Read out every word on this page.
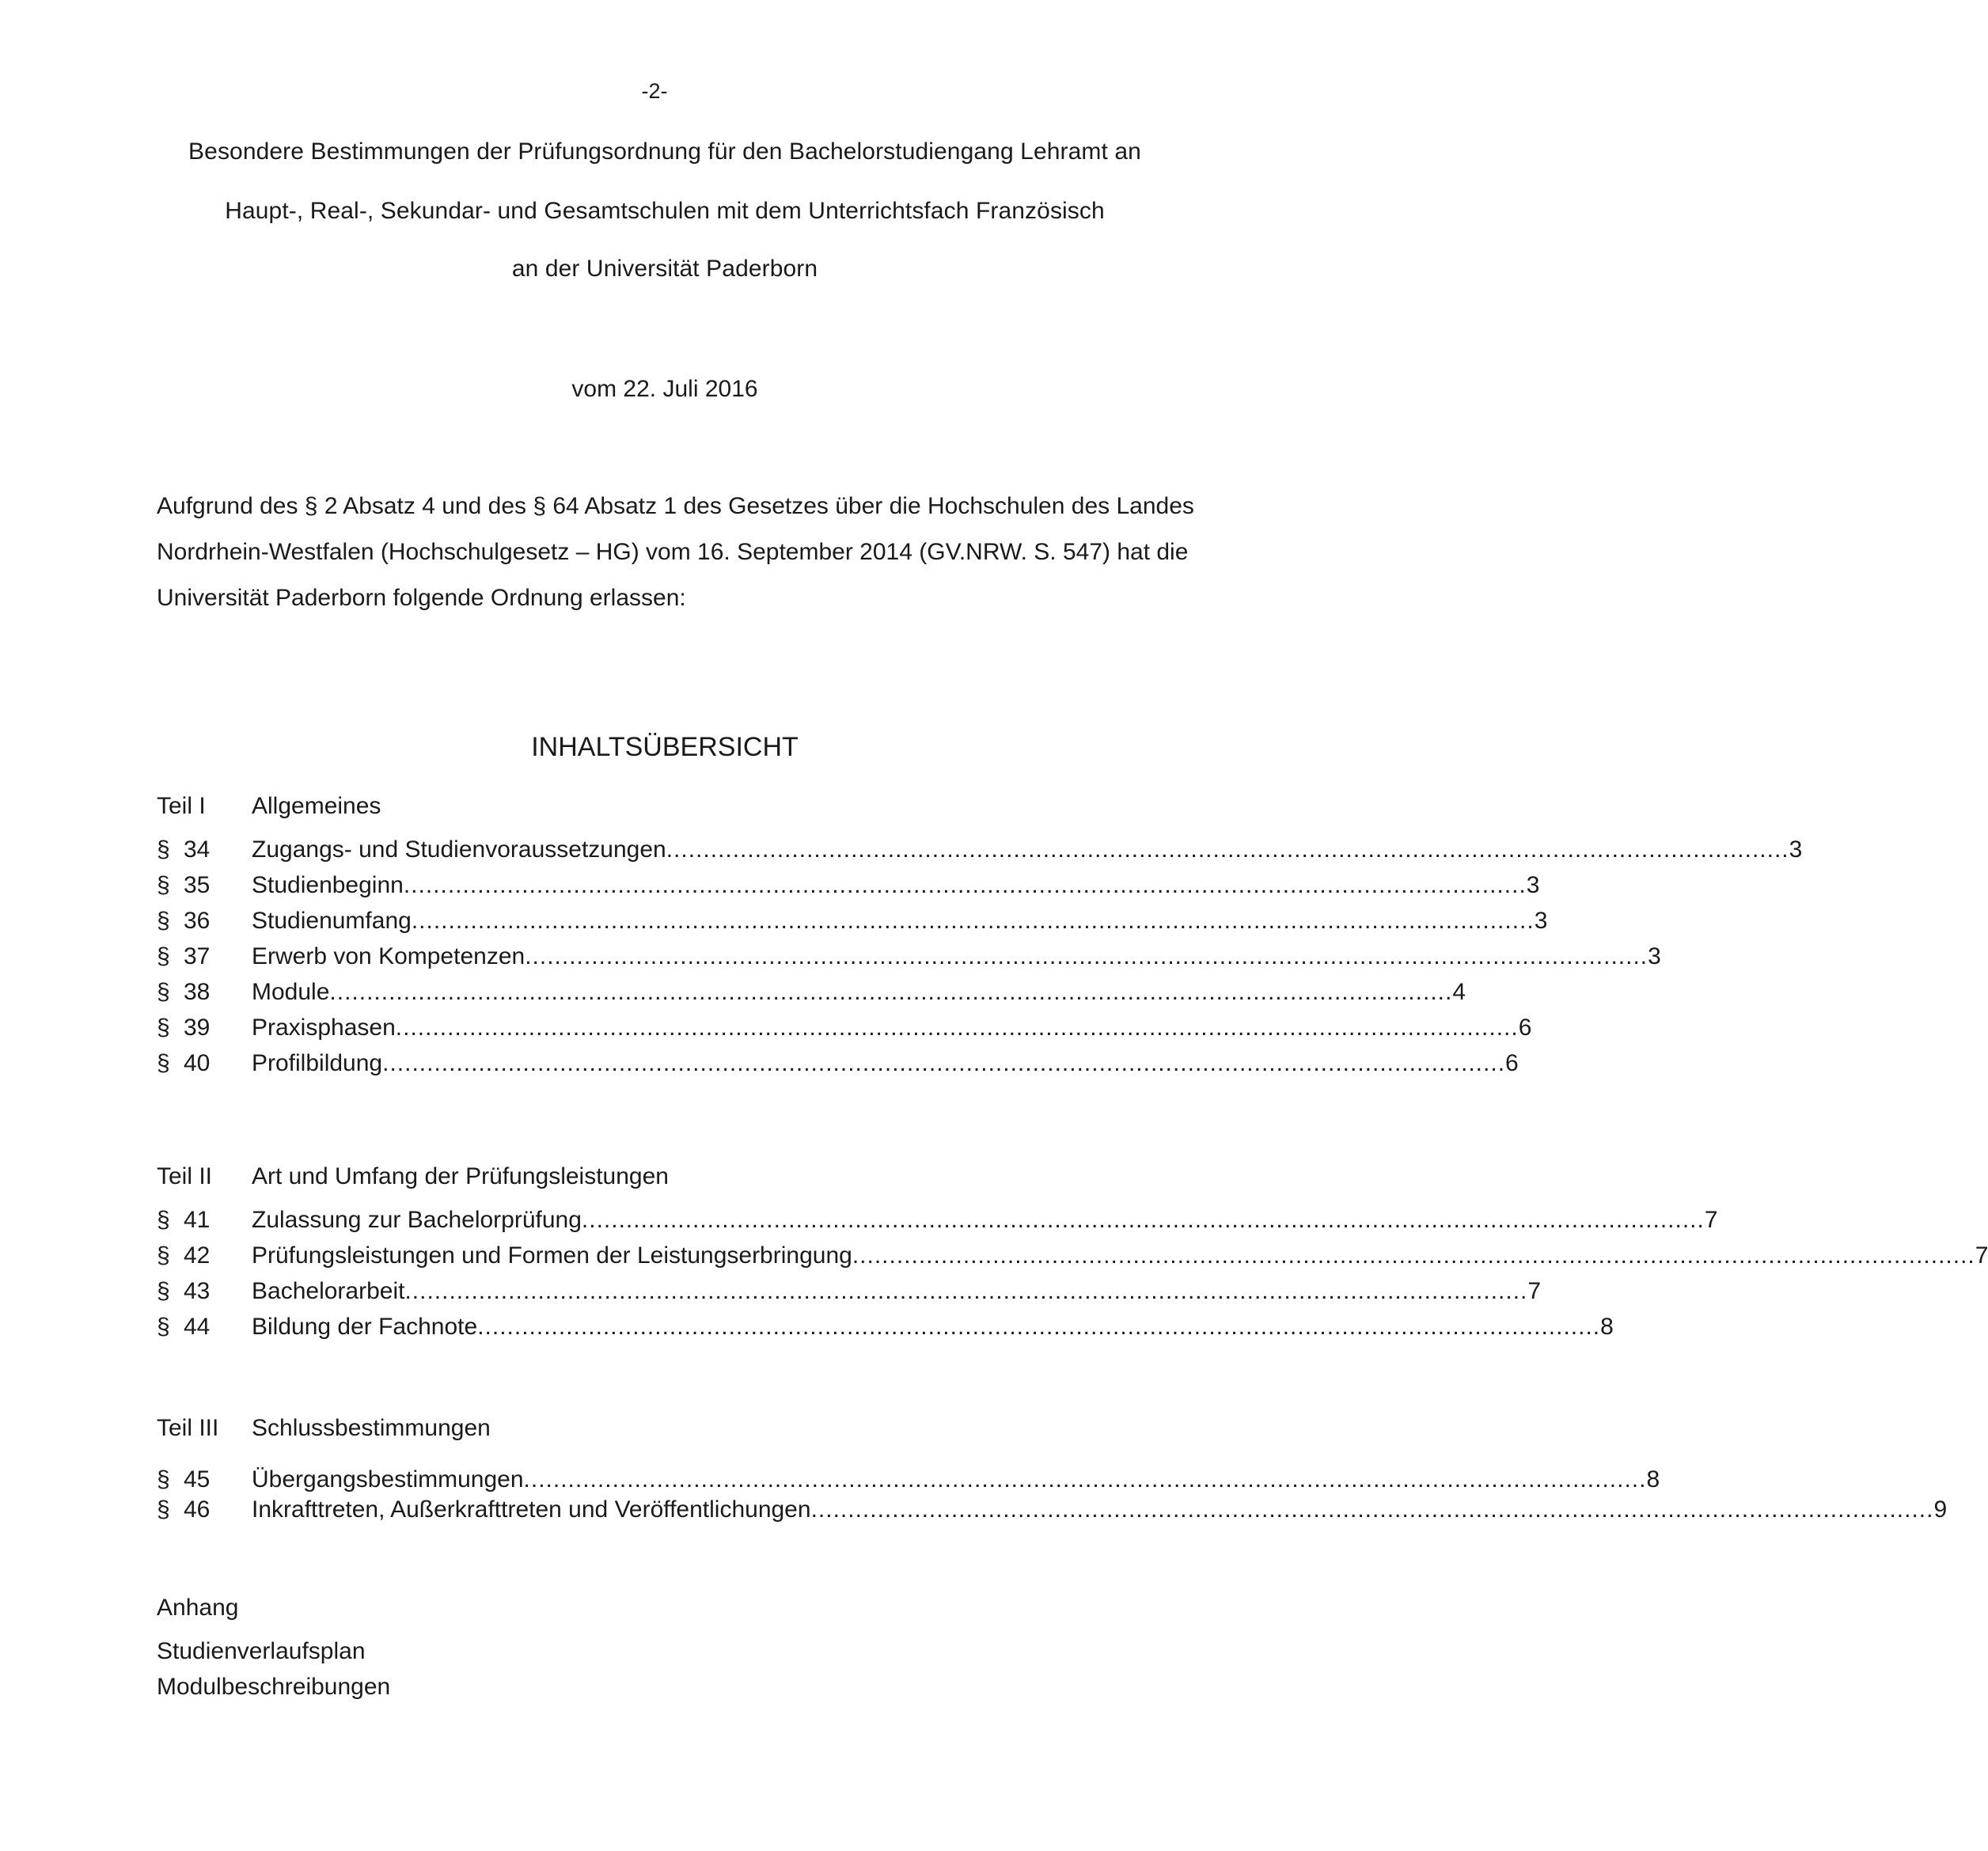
-2-
Besondere Bestimmungen der Prüfungsordnung für den Bachelorstudiengang Lehramt an
Haupt-, Real-, Sekundar- und Gesamtschulen mit dem Unterrichtsfach Französisch
an der Universität Paderborn
vom 22. Juli 2016
Aufgrund des § 2 Absatz 4 und des § 64 Absatz 1 des Gesetzes über die Hochschulen des Landes
Nordrhein-Westfalen (Hochschulgesetz – HG) vom 16. September 2014 (GV.NRW. S. 547) hat die
Universität Paderborn folgende Ordnung erlassen:
INHALTSÜBERSICHT
Teil I Allgemeines
§ 34 Zugangs- und Studienvoraussetzungen ........................................................................................................................................................ 3
§ 35 Studienbeginn ........................................................................................................................................................ 3
§ 36 Studienumfang ........................................................................................................................................................ 3
§ 37 Erwerb von Kompetenzen ........................................................................................................................................................ 3
§ 38 Module ........................................................................................................................................................ 4
§ 39 Praxisphasen ........................................................................................................................................................ 6
§ 40 Profilbildung ........................................................................................................................................................ 6
Teil II Art und Umfang der Prüfungsleistungen
§ 41 Zulassung zur Bachelorprüfung ........................................................................................................................................................ 7
§ 42 Prüfungsleistungen und Formen der Leistungserbringung ........................................................................................................................................................ 7
§ 43 Bachelorarbeit ........................................................................................................................................................ 7
§ 44 Bildung der Fachnote ........................................................................................................................................................ 8
Teil III Schlussbestimmungen
§ 45 Übergangsbestimmungen ........................................................................................................................................................ 8
§ 46 Inkrafttreten, Außerkrafttreten und Veröffentlichungen ........................................................................................................................................................ 9
Anhang
Studienverlaufsplan
Modulbeschreibungen
